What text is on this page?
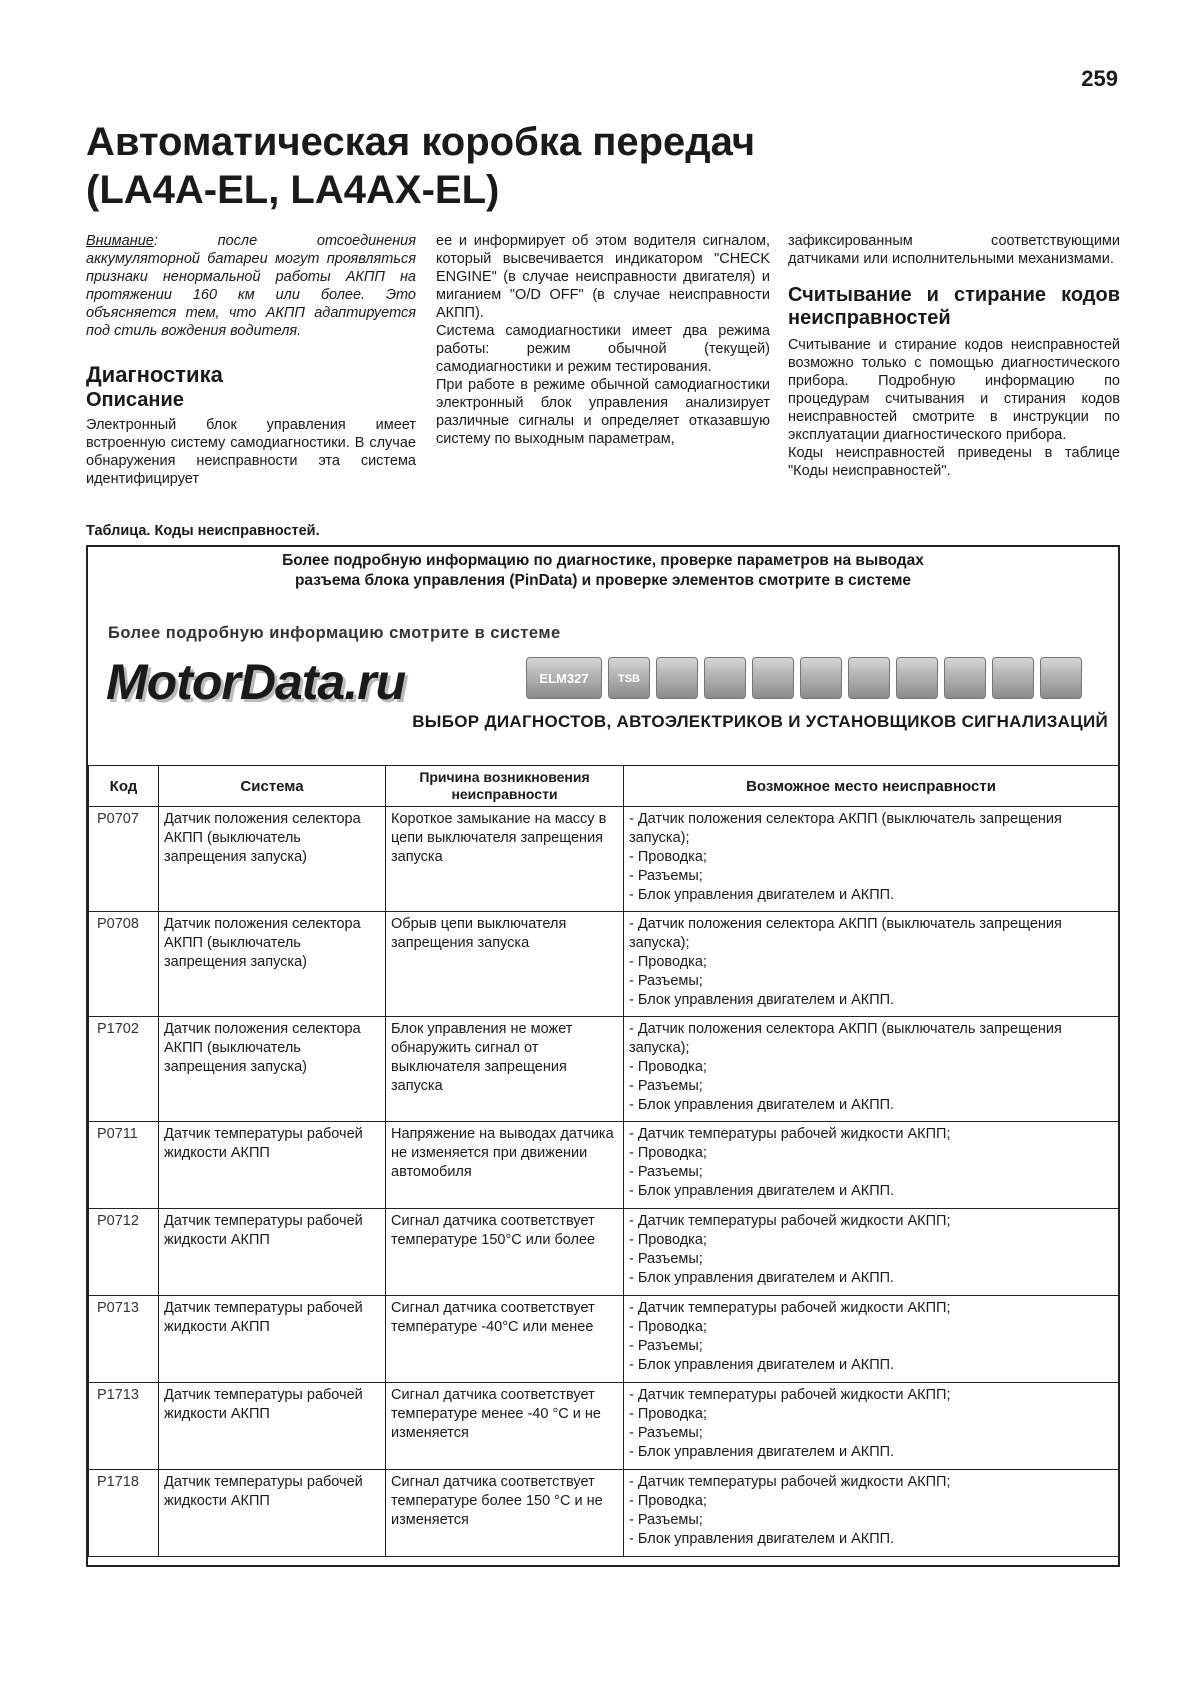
259
Автоматическая коробка передач
(LA4A-EL, LA4AX-EL)

Внимание: после отсоединения аккумуляторной батареи могут проявляться признаки ненормальной работы АКПП на протяжении 160 км или более. Это объясняется тем, что АКПП адаптируется под стиль вождения водителя.

Диагностика
Описание

Электронный блок управления имеет встроенную систему самодиагностики. В случае обнаружения неисправности эта система идентифицирует

ее и информирует об этом водителя сигналом, который высвечивается индикатором "CHECK ENGINE" (в случае неисправности двигателя) и миганием "O/D OFF" (в случае неисправности АКПП).

Система самодиагностики имеет два режима работы: режим обычной (текущей) самодиагностики и режим тестирования.

При работе в режиме обычной самодиагностики электронный блок управления анализирует различные сигналы и определяет отказавшую систему по выходным параметрам,

зафиксированным соответствующими датчиками или исполнительными механизмами.

Считывание и стирание кодов неисправностей

Считывание и стирание кодов неисправностей возможно только с помощью диагностического прибора. Подробную информацию по процедурам считывания и стирания кодов неисправностей смотрите в инструкции по эксплуатации диагностического прибора.

Коды неисправностей приведены в таблице "Коды неисправностей".

Таблица. Коды неисправностей.
Более подробную информацию по диагностике, проверке параметров на выводах
разъема блока управления (PinData) и проверке элементов смотрите в системе
Более подробную информацию смотрите в системе
MotorData.ru	ELM327	TSB
ВЫБОР ДИАГНОСТОВ, АВТОЭЛЕКТРИКОВ И УСТАНОВЩИКОВ СИГНАЛИЗАЦИЙ
Код	Система	Причина возникновения неисправности	Возможное место неисправности
P0707	Датчик положения селектора АКПП (выключатель запрещения запуска)	Короткое замыкание на массу в цепи выключателя запрещения запуска	- Датчик положения селектора АКПП (выключатель запрещения запуска);
- Проводка;
- Разъемы;
- Блок управления двигателем и АКПП.

P0708	Датчик положения селектора АКПП (выключатель запрещения запуска)	Обрыв цепи выключателя запрещения запуска	- Датчик положения селектора АКПП (выключатель запрещения запуска);
- Проводка;
- Разъемы;
- Блок управления двигателем и АКПП.

P1702	Датчик положения селектора АКПП (выключатель запрещения запуска)	Блок управления не может обнаружить сигнал от выключателя запрещения запуска	- Датчик положения селектора АКПП (выключатель запрещения запуска);
- Проводка;
- Разъемы;
- Блок управления двигателем и АКПП.

P0711	Датчик температуры рабочей жидкости АКПП	Напряжение на выводах датчика не изменяется при движении автомобиля	- Датчик температуры рабочей жидкости АКПП;
- Проводка;
- Разъемы;
- Блок управления двигателем и АКПП.

P0712	Датчик температуры рабочей жидкости АКПП	Сигнал датчика соответствует температуре 150°С или более	- Датчик температуры рабочей жидкости АКПП;
- Проводка;
- Разъемы;
- Блок управления двигателем и АКПП.

P0713	Датчик температуры рабочей жидкости АКПП	Сигнал датчика соответствует температуре -40°С или менее	- Датчик температуры рабочей жидкости АКПП;
- Проводка;
- Разъемы;
- Блок управления двигателем и АКПП.

P1713	Датчик температуры рабочей жидкости АКПП	Сигнал датчика соответствует температуре менее -40 °С и не изменяется	- Датчик температуры рабочей жидкости АКПП;
- Проводка;
- Разъемы;
- Блок управления двигателем и АКПП.

P1718	Датчик температуры рабочей жидкости АКПП	Сигнал датчика соответствует температуре более 150 °С и не изменяется	- Датчик температуры рабочей жидкости АКПП;
- Проводка;
- Разъемы;
- Блок управления двигателем и АКПП.
